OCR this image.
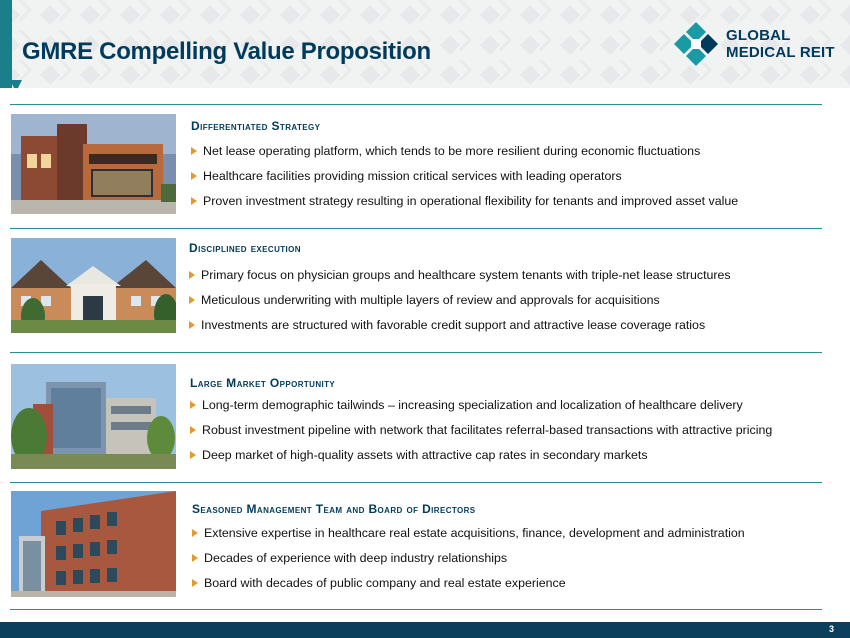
GMRE Compelling Value Proposition
GLOBAL
MEDICAL REIT
Differentiated Strategy
Net lease operating platform, which tends to be more resilient during economic fluctuations
Healthcare facilities providing mission critical services with leading operators
Proven investment strategy resulting in operational flexibility for tenants and improved asset value
Disciplined execution
Primary focus on physician groups and healthcare system tenants with triple-net lease structures
Meticulous underwriting with multiple layers of review and approvals for acquisitions
Investments are structured with favorable credit support and attractive lease coverage ratios
Large Market Opportunity
Long-term demographic tailwinds – increasing specialization and localization of healthcare delivery
Robust investment pipeline with network that facilitates referral-based transactions with attractive pricing
Deep market of high-quality assets with attractive cap rates in secondary markets
Seasoned Management Team and Board of Directors
Extensive expertise in healthcare real estate acquisitions, finance, development and administration
Decades of experience with deep industry relationships
Board with decades of public company and real estate experience
3
